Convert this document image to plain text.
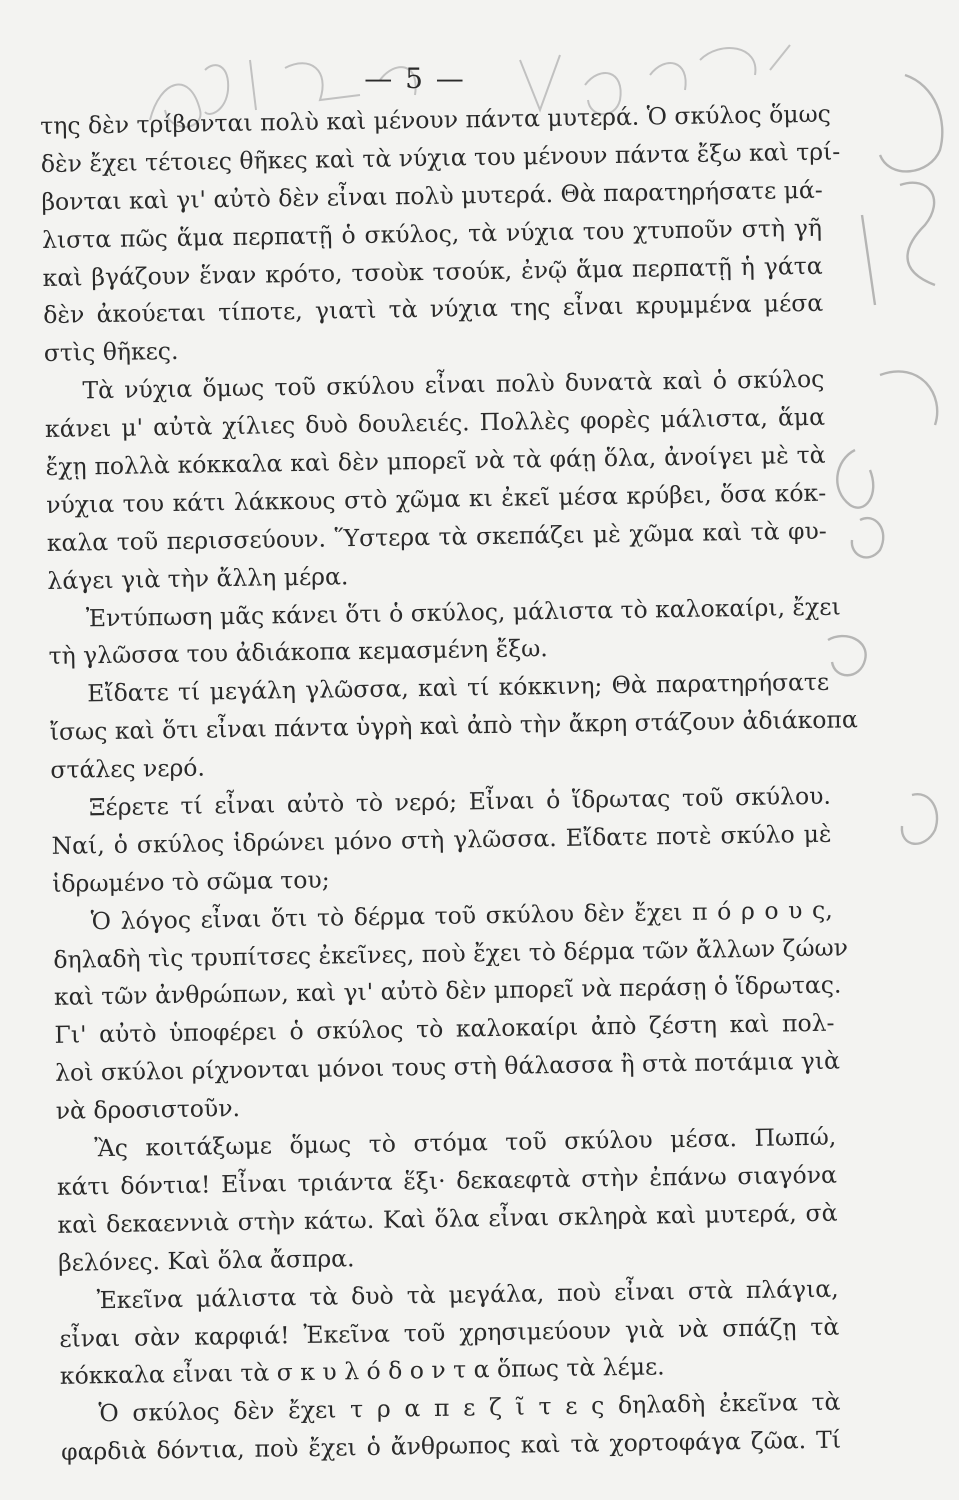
— 5 —
της δὲν τρίβονται πολὺ καὶ μένουν πάντα μυτερά. Ὁ σκύλος ὅμως
δὲν ἔχει τέτοιες θῆκες καὶ τὰ νύχια του μένουν πάντα ἔξω καὶ τρί-
βονται καὶ γι' αὐτὸ δὲν εἶναι πολὺ μυτερά. Θὰ παρατηρήσατε μά-
λιστα πῶς ἅμα περπατῇ ὁ σκύλος, τὰ νύχια του χτυποῦν στὴ γῆ
καὶ βγάζουν ἕναν κρότο, τσοὺκ τσούκ, ἐνῷ ἅμα περπατῇ ἡ γάτα
δὲν ἀκούεται τίποτε, γιατὶ τὰ νύχια της εἶναι κρυμμένα μέσα
στὶς θῆκες.
Τὰ νύχια ὅμως τοῦ σκύλου εἶναι πολὺ δυνατὰ καὶ ὁ σκύλος
κάνει μ' αὐτὰ χίλιες δυὸ δουλειές. Πολλὲς φορὲς μάλιστα, ἅμα
ἔχῃ πολλὰ κόκκαλα καὶ δὲν μπορεῖ νὰ τὰ φάῃ ὅλα, ἀνοίγει μὲ τὰ
νύχια του κάτι λάκκους στὸ χῶμα κι ἐκεῖ μέσα κρύβει, ὅσα κόκ-
καλα τοῦ περισσεύουν. Ὕστερα τὰ σκεπάζει μὲ χῶμα καὶ τὰ φυ-
λάγει γιὰ τὴν ἄλλη μέρα.
Ἐντύπωση μᾶς κάνει ὅτι ὁ σκύλος, μάλιστα τὸ καλοκαίρι, ἔχει
τὴ γλῶσσα του ἀδιάκοπα κεμασμένη ἔξω.
Εἴδατε τί μεγάλη γλῶσσα, καὶ τί κόκκινη; Θὰ παρατηρήσατε
ἴσως καὶ ὅτι εἶναι πάντα ὑγρὴ καὶ ἀπὸ τὴν ἄκρη στάζουν ἀδιάκοπα
στάλες νερό.
Ξέρετε τί εἶναι αὐτὸ τὸ νερό; Εἶναι ὁ ἵδρωτας τοῦ σκύλου.
Ναί, ὁ σκύλος ἱδρώνει μόνο στὴ γλῶσσα. Εἴδατε ποτὲ σκύλο μὲ
ἱδρωμένο τὸ σῶμα του;
Ὁ λόγος εἶναι ὅτι τὸ δέρμα τοῦ σκύλου δὲν ἔχει π ό ρ ο υ ς,
δηλαδὴ τὶς τρυπίτσες ἐκεῖνες, ποὺ ἔχει τὸ δέρμα τῶν ἄλλων ζώων
καὶ τῶν ἀνθρώπων, καὶ γι' αὐτὸ δὲν μπορεῖ νὰ περάσῃ ὁ ἵδρωτας.
Γι' αὐτὸ ὑποφέρει ὁ σκύλος τὸ καλοκαίρι ἀπὸ ζέστη καὶ πολ-
λοὶ σκύλοι ρίχνονται μόνοι τους στὴ θάλασσα ἢ στὰ ποτάμια γιὰ
νὰ δροσιστοῦν.
Ἂς κοιτάξωμε ὅμως τὸ στόμα τοῦ σκύλου μέσα. Πωπώ,
κάτι δόντια! Εἶναι τριάντα ἕξι· δεκαεφτὰ στὴν ἐπάνω σιαγόνα
καὶ δεκαεννιὰ στὴν κάτω. Καὶ ὅλα εἶναι σκληρὰ καὶ μυτερά, σὰ
βελόνες. Καὶ ὅλα ἄσπρα.
Ἐκεῖνα μάλιστα τὰ δυὸ τὰ μεγάλα, ποὺ εἶναι στὰ πλάγια,
εἶναι σὰν καρφιά! Ἐκεῖνα τοῦ χρησιμεύουν γιὰ νὰ σπάζῃ τὰ
κόκκαλα εἶναι τὰ σ κ υ λ ό δ ο ν τ α ὅπως τὰ λέμε.
Ὁ σκύλος δὲν ἔχει τ ρ α π ε ζ ῖ τ ε ς δηλαδὴ ἐκεῖνα τὰ
φαρδιὰ δόντια, ποὺ ἔχει ὁ ἄνθρωπος καὶ τὰ χορτοφάγα ζῶα. Τί
